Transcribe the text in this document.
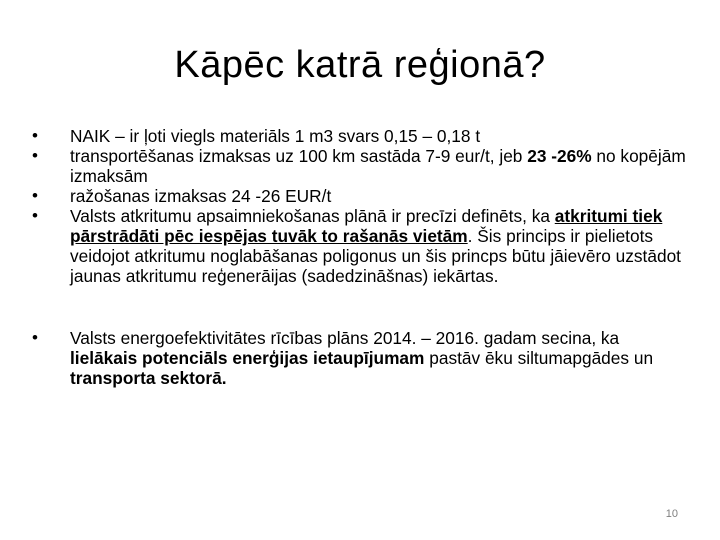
Kāpēc katrā reģionā?
• NAIK – ir ļoti viegls materiāls 1 m3 svars 0,15 – 0,18 t
• transportēšanas izmaksas uz 100 km sastāda 7-9 eur/t, jeb 23 -26% no kopējām izmaksām
• ražošanas izmaksas 24 -26 EUR/t
• Valsts atkritumu apsaimniekošanas plānā ir precīzi definēts, ka atkritumi tiek pārstrādāti pēc iespējas tuvāk to rašanās vietām. Šis princips ir pielietots veidojot atkritumu noglabāšanas poligonus un šis princps būtu jāievēro uzstādot jaunas atkritumu reģenerāijas (sadedzināšnas) iekārtas.
• Valsts energoefektivitātes rīcības plāns 2014. – 2016. gadam secina, ka lielākais potenciāls enerģijas ietaupījumam pastāv ēku siltumapgādes un transporta sektorā.
10
